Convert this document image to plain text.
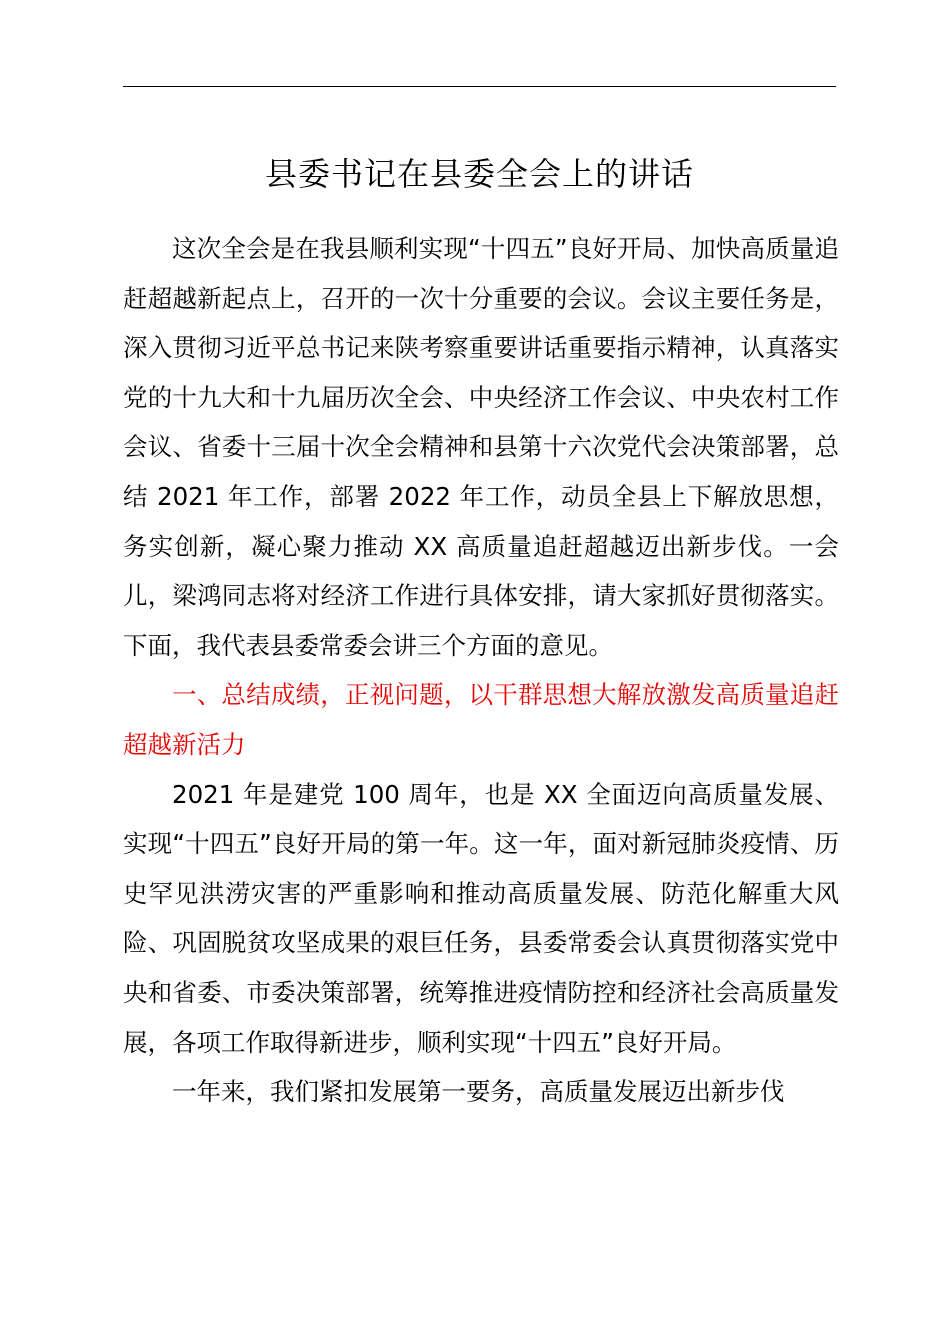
县委书记在县委全会上的讲话

这次全会是在我县顺利实现“十四五”良好开局、加快高质量追赶超越新起点上，召开的一次十分重要的会议。会议主要任务是，深入贯彻习近平总书记来陕考察重要讲话重要指示精神，认真落实党的十九大和十九届历次全会、中央经济工作会议、中央农村工作会议、省委十三届十次全会精神和县第十六次党代会决策部署，总结 2021 年工作，部署 2022 年工作，动员全县上下解放思想，务实创新，凝心聚力推动 XX 高质量追赶超越迈出新步伐。一会儿，梁鸿同志将对经济工作进行具体安排，请大家抓好贯彻落实。下面，我代表县委常委会讲三个方面的意见。

一、总结成绩，正视问题，以干群思想大解放激发高质量追赶超越新活力

2021 年是建党 100 周年，也是 XX 全面迈向高质量发展、实现“十四五”良好开局的第一年。这一年，面对新冠肺炎疫情、历史罕见洪涝灾害的严重影响和推动高质量发展、防范化解重大风险、巩固脱贫攻坚成果的艰巨任务，县委常委会认真贯彻落实党中央和省委、市委决策部署，统筹推进疫情防控和经济社会高质量发展，各项工作取得新进步，顺利实现“十四五”良好开局。

一年来，我们紧扣发展第一要务，高质量发展迈出新步伐
